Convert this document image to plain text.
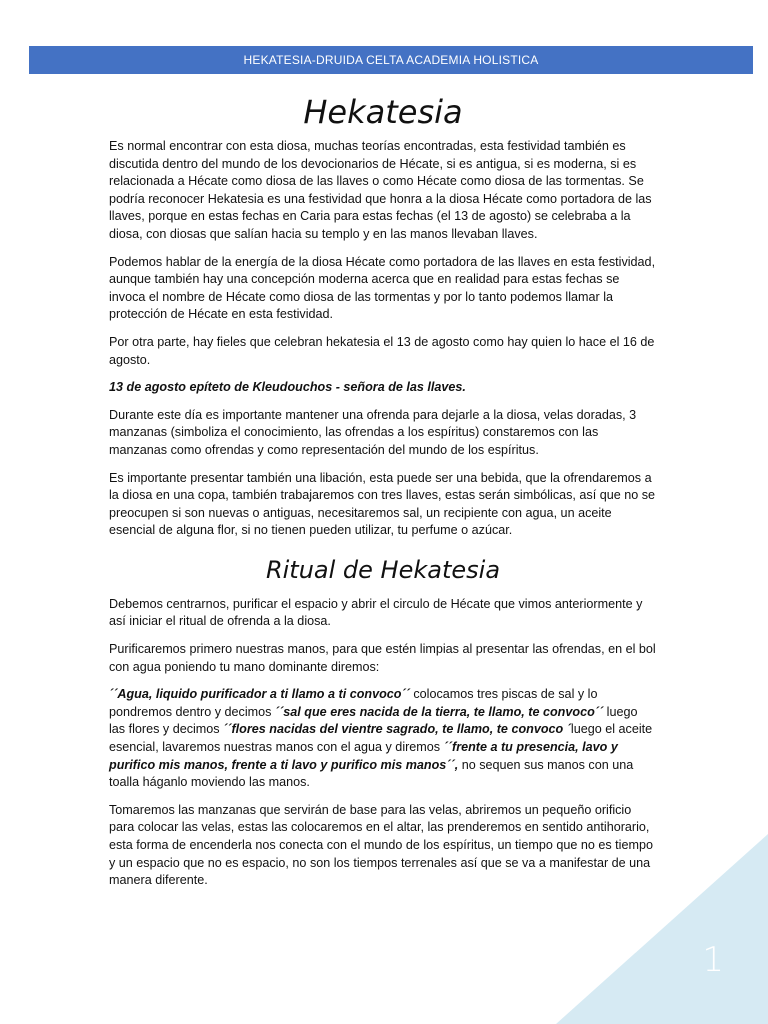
HEKATESIA-DRUIDA CELTA ACADEMIA HOLISTICA
Hekatesia

Es normal encontrar con esta diosa, muchas teorías encontradas, esta festividad también es discutida dentro del mundo de los devocionarios de Hécate, si es antigua, si es moderna, si es relacionada a Hécate como diosa de las llaves o como Hécate como diosa de las tormentas. Se podría reconocer Hekatesia es una festividad que honra a la diosa Hécate como portadora de las llaves, porque en estas fechas en Caria para estas fechas (el 13 de agosto) se celebraba a la diosa, con diosas que salían hacia su templo y en las manos llevaban llaves.

Podemos hablar de la energía de la diosa Hécate como portadora de las llaves en esta festividad, aunque también hay una concepción moderna acerca que en realidad para estas fechas se invoca el nombre de Hécate como diosa de las tormentas y por lo tanto podemos llamar la protección de Hécate en esta festividad.

Por otra parte, hay fieles que celebran hekatesia el 13 de agosto como hay quien lo hace el 16 de agosto.

13 de agosto epíteto de Kleudouchos - señora de las llaves.

Durante este día es importante mantener una ofrenda para dejarle a la diosa, velas doradas, 3 manzanas (simboliza el conocimiento, las ofrendas a los espíritus) constaremos con las manzanas como ofrendas y como representación del mundo de los espíritus.

Es importante presentar también una libación, esta puede ser una bebida, que la ofrendaremos a la diosa en una copa, también trabajaremos con tres llaves, estas serán simbólicas, así que no se preocupen si son nuevas o antiguas, necesitaremos sal, un recipiente con agua, un aceite esencial de alguna flor, si no tienen pueden utilizar, tu perfume o azúcar.

Ritual de Hekatesia

Debemos centrarnos, purificar el espacio y abrir el circulo de Hécate que vimos anteriormente y así iniciar el ritual de ofrenda a la diosa.

Purificaremos primero nuestras manos, para que estén limpias al presentar las ofrendas, en el bol con agua poniendo tu mano dominante diremos:

´´Agua, liquido purificador a ti llamo a ti convoco´´ colocamos tres piscas de sal y lo pondremos dentro y decimos ´´sal que eres nacida de la tierra, te llamo, te convoco´´ luego las flores y decimos ´´flores nacidas del vientre sagrado, te llamo, te convoco ´luego el aceite esencial, lavaremos nuestras manos con el agua y diremos ´´frente a tu presencia, lavo y purifico mis manos, frente a ti lavo y purifico mis manos´´, no sequen sus manos con una toalla háganlo moviendo las manos.

Tomaremos las manzanas que servirán de base para las velas, abriremos un pequeño orificio para colocar las velas, estas las colocaremos en el altar, las prenderemos en sentido antihorario, esta forma de encenderla nos conecta con el mundo de los espíritus, un tiempo que no es tiempo y un espacio que no es espacio, no son los tiempos terrenales así que se va a manifestar de una manera diferente.

1
